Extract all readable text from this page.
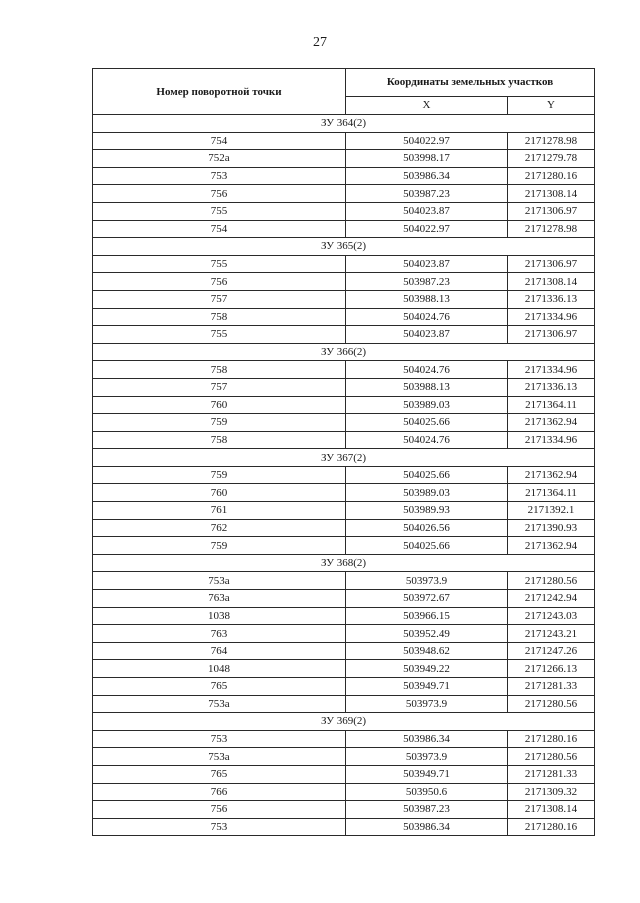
27
Номер поворотной точки	Координаты земельных участков	
	X	Y
ЗУ 364(2)		
754	504022.97	2171278.98
752а	503998.17	2171279.78
753	503986.34	2171280.16
756	503987.23	2171308.14
755	504023.87	2171306.97
754	504022.97	2171278.98
ЗУ 365(2)		
755	504023.87	2171306.97
756	503987.23	2171308.14
757	503988.13	2171336.13
758	504024.76	2171334.96
755	504023.87	2171306.97
ЗУ 366(2)		
758	504024.76	2171334.96
757	503988.13	2171336.13
760	503989.03	2171364.11
759	504025.66	2171362.94
758	504024.76	2171334.96
ЗУ 367(2)		
759	504025.66	2171362.94
760	503989.03	2171364.11
761	503989.93	2171392.1
762	504026.56	2171390.93
759	504025.66	2171362.94
ЗУ 368(2)		
753а	503973.9	2171280.56
763а	503972.67	2171242.94
1038	503966.15	2171243.03
763	503952.49	2171243.21
764	503948.62	2171247.26
1048	503949.22	2171266.13
765	503949.71	2171281.33
753а	503973.9	2171280.56
ЗУ 369(2)		
753	503986.34	2171280.16
753а	503973.9	2171280.56
765	503949.71	2171281.33
766	503950.6	2171309.32
756	503987.23	2171308.14
753	503986.34	2171280.16
